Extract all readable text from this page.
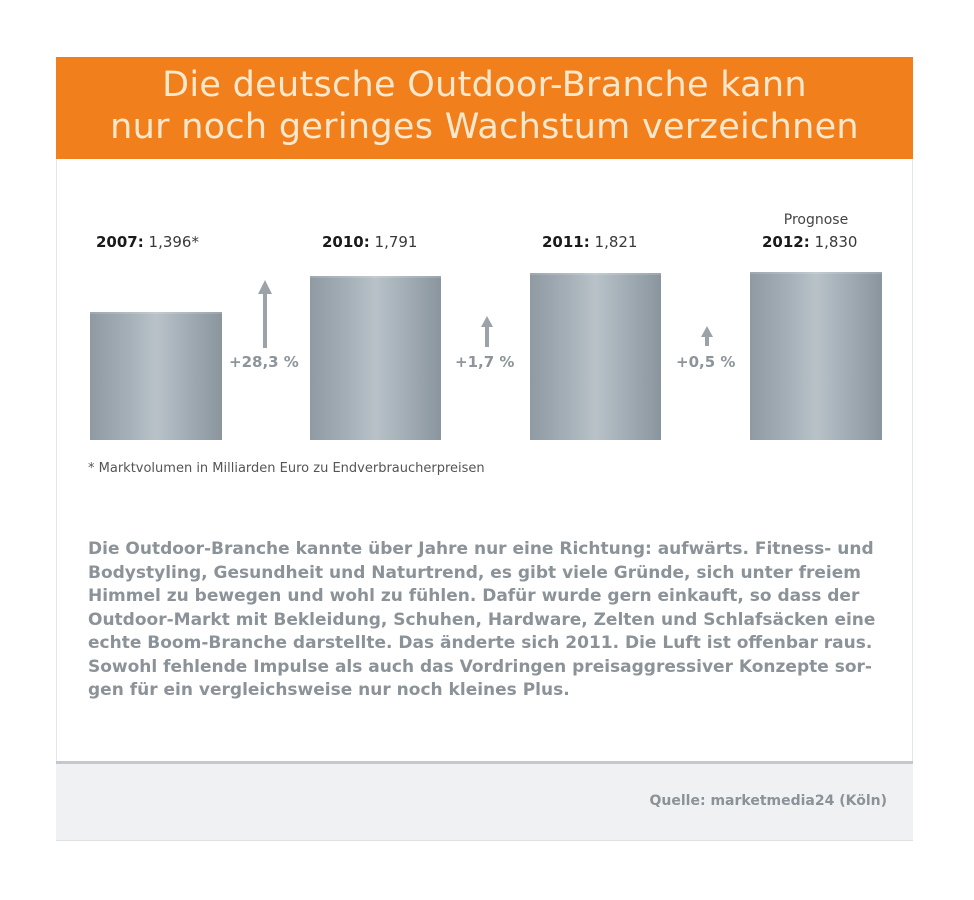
Die deutsche Outdoor-Branche kann
nur noch geringes Wachstum verzeichnen
2007: 1,396*
+28,3 %
2010: 1,791
+1,7 %
2011: 1,821
+0,5 %
Prognose
2012: 1,830
* Marktvolumen in Milliarden Euro zu Endverbraucherpreisen
Die Outdoor-Branche kannte über Jahre nur eine Richtung: aufwärts. Fitness- und
Bodystyling, Gesundheit und Naturtrend, es gibt viele Gründe, sich unter freiem
Himmel zu bewegen und wohl zu fühlen. Dafür wurde gern einkauft, so dass der
Outdoor-Markt mit Bekleidung, Schuhen, Hardware, Zelten und Schlafsäcken eine
echte Boom-Branche darstellte. Das änderte sich 2011. Die Luft ist offenbar raus.
Sowohl fehlende Impulse als auch das Vordringen preisaggressiver Konzepte sor-
gen für ein vergleichsweise nur noch kleines Plus.
Quelle: marketmedia24 (Köln)
